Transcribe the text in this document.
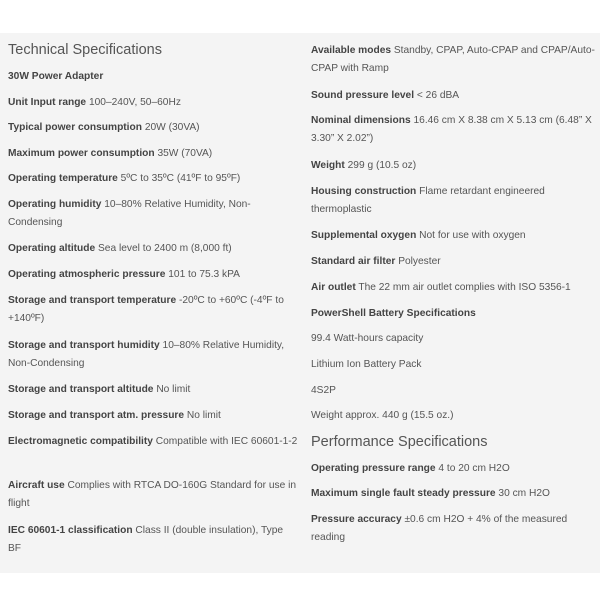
Technical Specifications
30W Power Adapter
Unit Input range 100–240V, 50–60Hz
Typical power consumption 20W (30VA)
Maximum power consumption 35W (70VA)
Operating temperature 5ºC to 35ºC (41ºF to 95ºF)
Operating humidity 10–80% Relative Humidity, Non-Condensing
Operating altitude Sea level to 2400 m (8,000 ft)
Operating atmospheric pressure 101 to 75.3 kPA
Storage and transport temperature -20ºC to +60ºC (-4ºF to +140ºF)
Storage and transport humidity 10–80% Relative Humidity, Non-Condensing
Storage and transport altitude No limit
Storage and transport atm. pressure No limit
Electromagnetic compatibility Compatible with IEC 60601-1-2
Aircraft use Complies with RTCA DO-160G Standard for use in flight
IEC 60601-1 classification Class II (double insulation), Type BF
Available modes Standby, CPAP, Auto-CPAP and CPAP/Auto-CPAP with Ramp
Sound pressure level < 26 dBA
Nominal dimensions 16.46 cm X 8.38 cm X 5.13 cm (6.48” X 3.30” X 2.02”)
Weight 299 g (10.5 oz)
Housing construction Flame retardant engineered thermoplastic
Supplemental oxygen Not for use with oxygen
Standard air filter Polyester
Air outlet The 22 mm air outlet complies with ISO 5356-1
PowerShell Battery Specifications
99.4 Watt-hours capacity
Lithium Ion Battery Pack
4S2P
Weight approx. 440 g (15.5 oz.)
Performance Specifications
Operating pressure range 4 to 20 cm H2O
Maximum single fault steady pressure 30 cm H2O
Pressure accuracy ±0.6 cm H2O + 4% of the measured reading
